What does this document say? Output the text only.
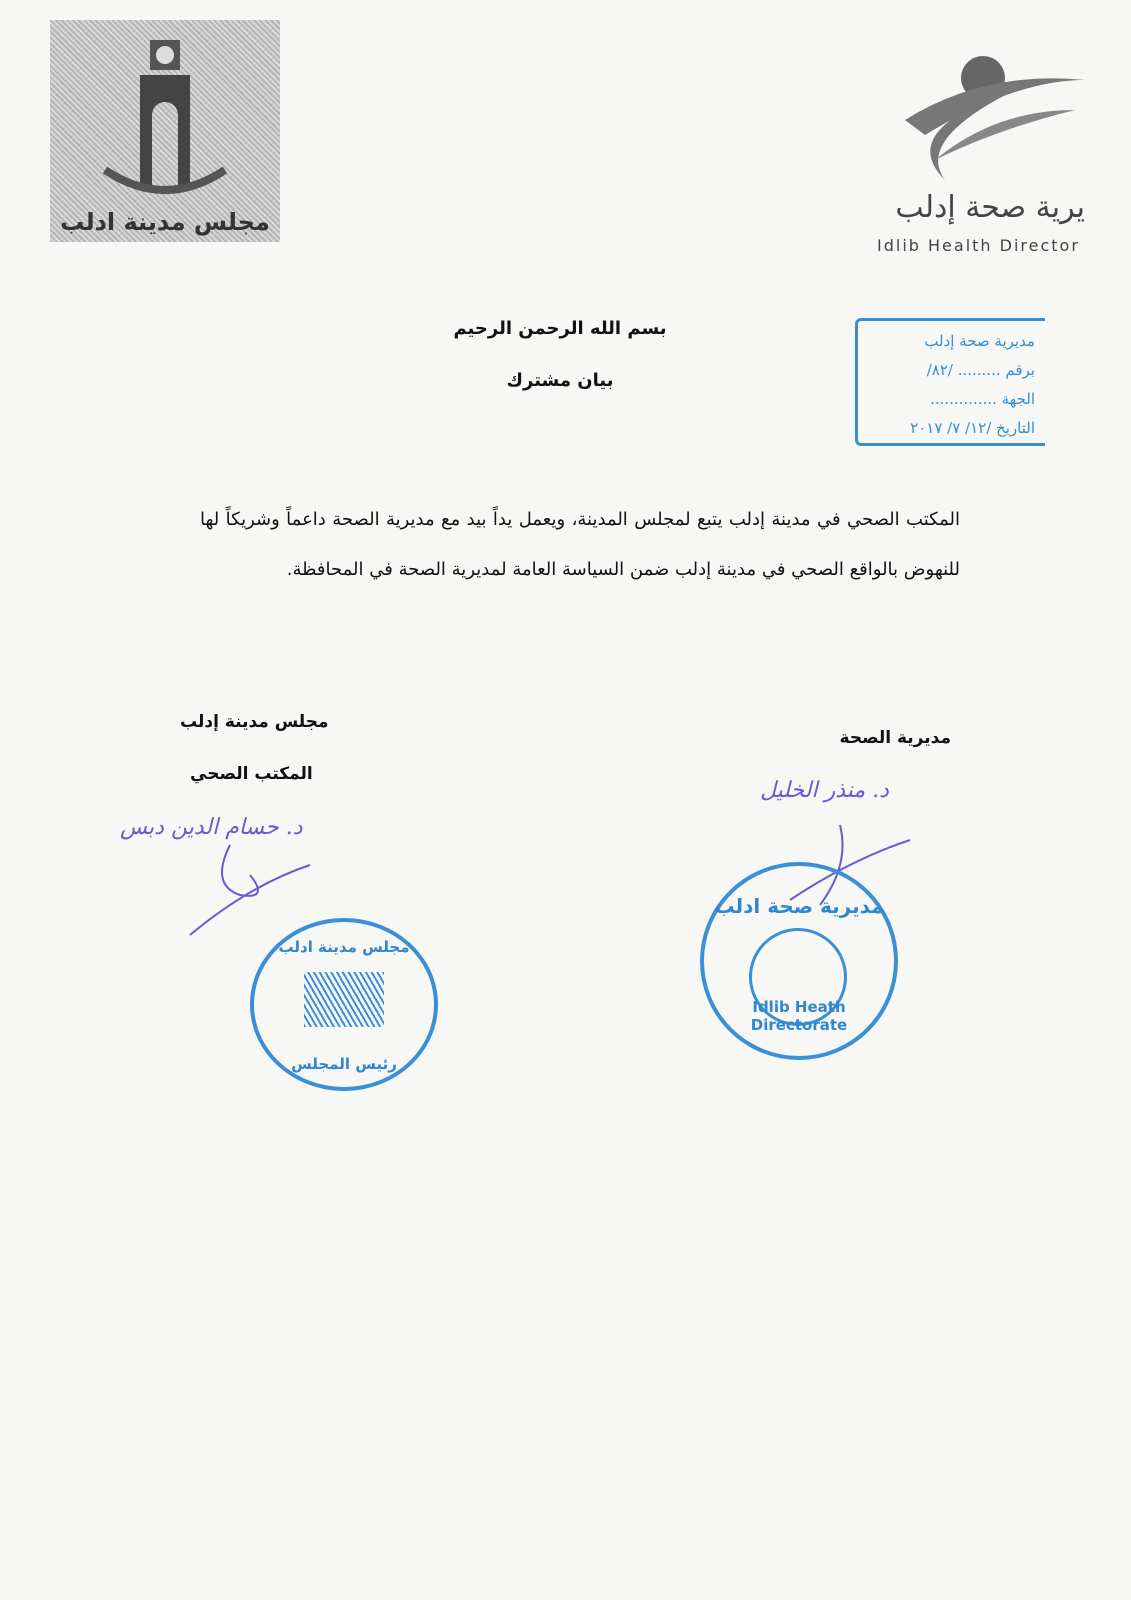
مجلس مدينة ادلب	يرية صحة إدلب
Idlib Health Director
مديرية صحة إدلب
برقم ......... /٨٢/
الجهة ..............
التاريخ /١٢/ ٧/ ٢٠١٧
بسم الله الرحمن الرحيم
بيان مشترك
المكتب الصحي في مدينة إدلب يتبع لمجلس المدينة، ويعمل يداً بيد مع مديرية الصحة داعماً وشريكاً لها للنهوض بالواقع الصحي في مدينة إدلب ضمن السياسة العامة لمديرية الصحة في المحافظة.
مديرية الصحة
د. منذر الخليل
مديرية صحة ادلب
Idlib Heath Directorate
مجلس مدينة إدلب
المكتب الصحي
د. حسام الدين دبس
مجلس مدينة ادلب
رئيس المجلس
